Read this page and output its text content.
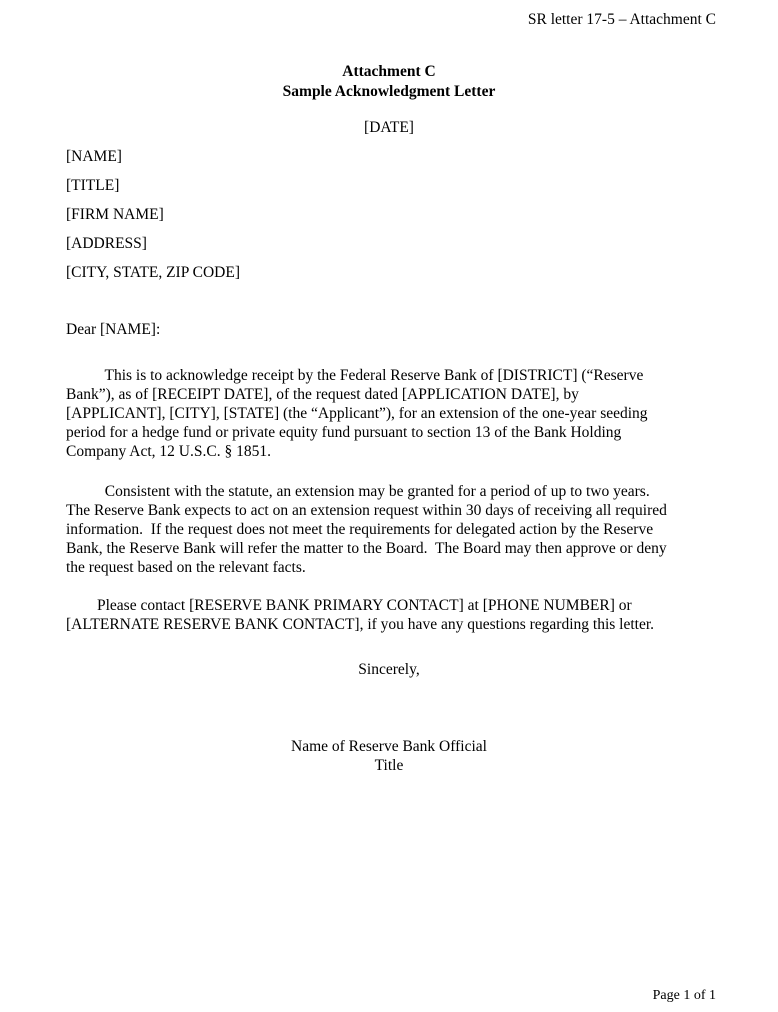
SR letter 17-5 – Attachment C
Attachment C
Sample Acknowledgment Letter
[DATE]
[NAME]
[TITLE]
[FIRM NAME]
[ADDRESS]
[CITY, STATE, ZIP CODE]
Dear [NAME]:
This is to acknowledge receipt by the Federal Reserve Bank of [DISTRICT] (“Reserve
Bank”), as of [RECEIPT DATE], of the request dated [APPLICATION DATE], by
[APPLICANT], [CITY], [STATE] (the “Applicant”), for an extension of the one-year seeding
period for a hedge fund or private equity fund pursuant to section 13 of the Bank Holding
Company Act, 12 U.S.C. § 1851.
Consistent with the statute, an extension may be granted for a period of up to two years.
The Reserve Bank expects to act on an extension request within 30 days of receiving all required
information.  If the request does not meet the requirements for delegated action by the Reserve
Bank, the Reserve Bank will refer the matter to the Board.  The Board may then approve or deny
the request based on the relevant facts.
Please contact [RESERVE BANK PRIMARY CONTACT] at [PHONE NUMBER] or
[ALTERNATE RESERVE BANK CONTACT], if you have any questions regarding this letter.
Sincerely,
Name of Reserve Bank Official
Title
Page 1 of 1
